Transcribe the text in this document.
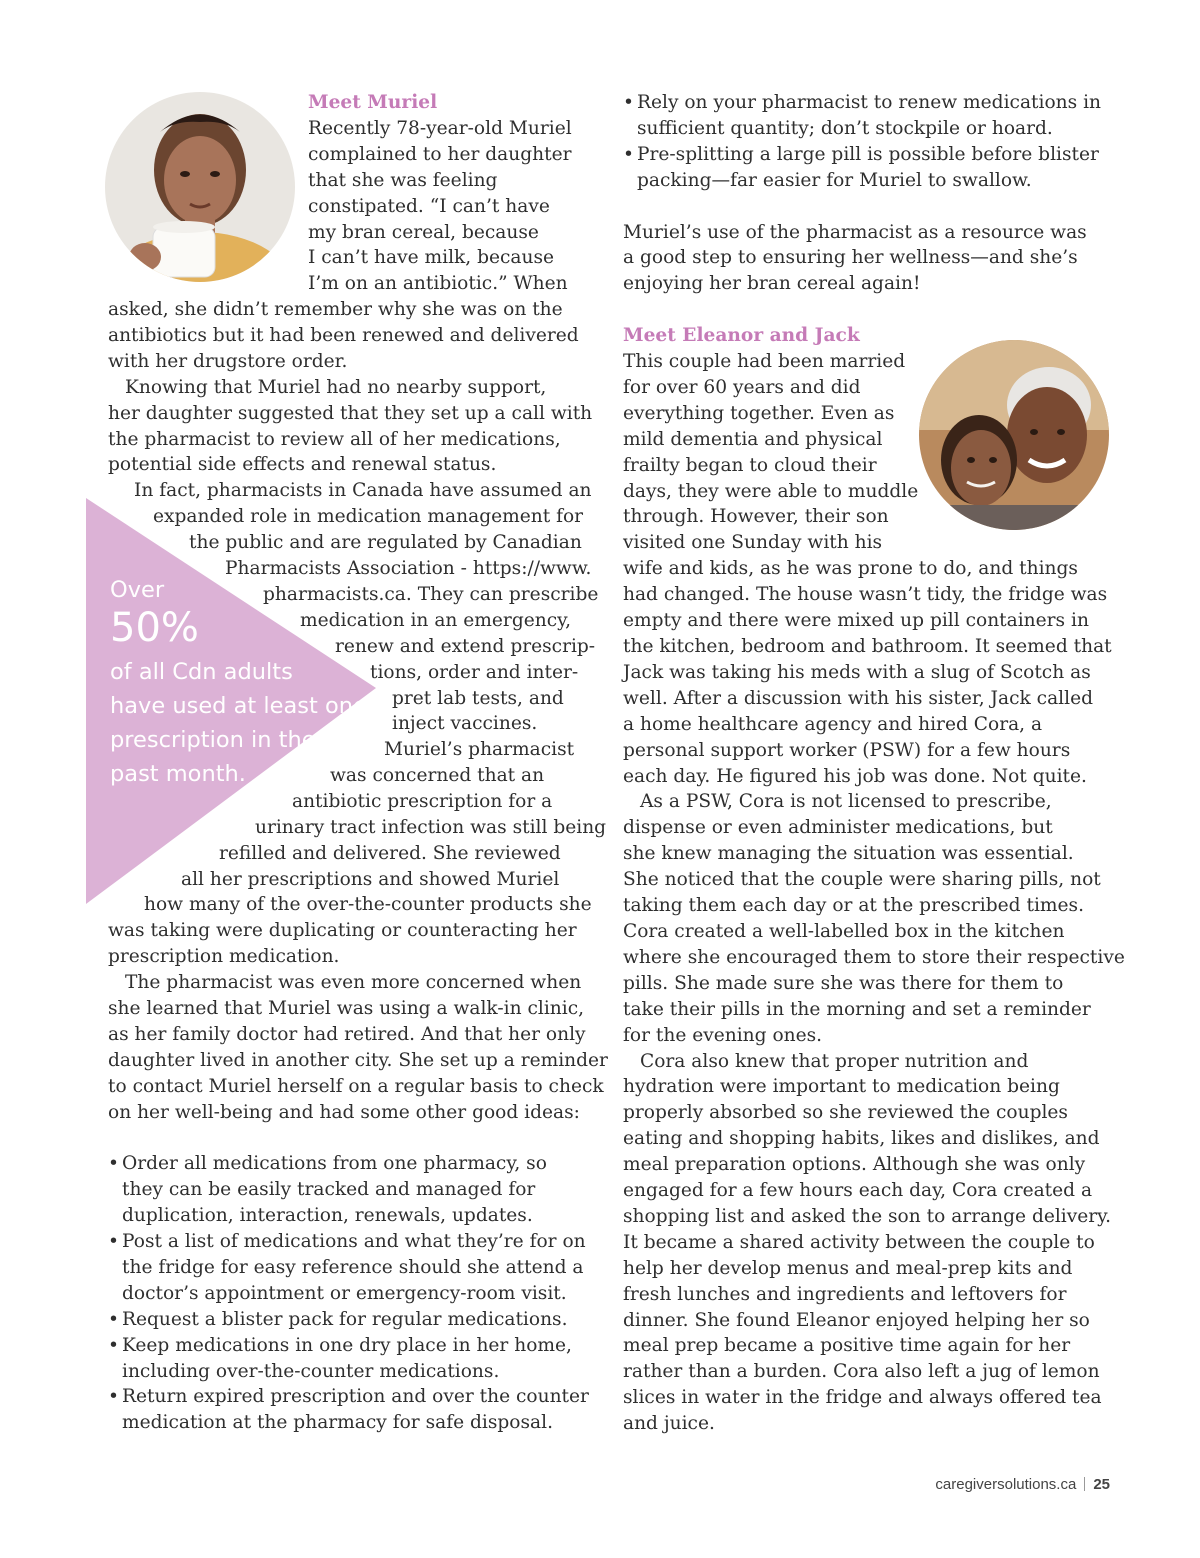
Meet Muriel
Recently 78-year-old Muriel
complained to her daughter
that she was feeling
constipated. “I can’t have
my bran cereal, because
I can’t have milk, because
I’m on an antibiotic.” When
asked, she didn’t remember why she was on the
antibiotics but it had been renewed and delivered
with her drugstore order.
Knowing that Muriel had no nearby support,
her daughter suggested that they set up a call with
the pharmacist to review all of her medications,
potential side effects and renewal status.
Over
50%
of all Cdn adults
have used at least one
prescription in the
past month.
In fact, pharmacists in Canada have assumed an
expanded role in medication management for
the public and are regulated by Canadian
Pharmacists Association - https://www.
pharmacists.ca. They can prescribe
medication in an emergency,
renew and extend prescrip-
tions, order and inter-
pret lab tests, and
inject vaccines.
Muriel’s pharmacist
was concerned that an
antibiotic prescription for a
urinary tract infection was still being
refilled and delivered. She reviewed
all her prescriptions and showed Muriel
how many of the over-the-counter products she
was taking were duplicating or counteracting her
prescription medication.
The pharmacist was even more concerned when
she learned that Muriel was using a walk-in clinic,
as her family doctor had retired. And that her only
daughter lived in another city. She set up a reminder
to contact Muriel herself on a regular basis to check
on her well-being and had some other good ideas:
• Order all medications from one pharmacy, so
they can be easily tracked and managed for
duplication, interaction, renewals, updates.
• Post a list of medications and what they’re for on
the fridge for easy reference should she attend a
doctor’s appointment or emergency-room visit.
• Request a blister pack for regular medications.
• Keep medications in one dry place in her home,
including over-the-counter medications.
• Return expired prescription and over the counter
medication at the pharmacy for safe disposal.
• Rely on your pharmacist to renew medications in
sufficient quantity; don’t stockpile or hoard.
• Pre-splitting a large pill is possible before blister
packing—far easier for Muriel to swallow.
Muriel’s use of the pharmacist as a resource was
a good step to ensuring her wellness—and she’s
enjoying her bran cereal again!
Meet Eleanor and Jack
This couple had been married
for over 60 years and did
everything together. Even as
mild dementia and physical
frailty began to cloud their
days, they were able to muddle
through. However, their son
visited one Sunday with his
wife and kids, as he was prone to do, and things
had changed. The house wasn’t tidy, the fridge was
empty and there were mixed up pill containers in
the kitchen, bedroom and bathroom. It seemed that
Jack was taking his meds with a slug of Scotch as
well. After a discussion with his sister, Jack called
a home healthcare agency and hired Cora, a
personal support worker (PSW) for a few hours
each day. He figured his job was done. Not quite.
As a PSW, Cora is not licensed to prescribe,
dispense or even administer medications, but
she knew managing the situation was essential.
She noticed that the couple were sharing pills, not
taking them each day or at the prescribed times.
Cora created a well-labelled box in the kitchen
where she encouraged them to store their respective
pills. She made sure she was there for them to
take their pills in the morning and set a reminder
for the evening ones.
Cora also knew that proper nutrition and
hydration were important to medication being
properly absorbed so she reviewed the couples
eating and shopping habits, likes and dislikes, and
meal preparation options. Although she was only
engaged for a few hours each day, Cora created a
shopping list and asked the son to arrange delivery.
It became a shared activity between the couple to
help her develop menus and meal-prep kits and
fresh lunches and ingredients and leftovers for
dinner. She found Eleanor enjoyed helping her so
meal prep became a positive time again for her
rather than a burden. Cora also left a jug of lemon
slices in water in the fridge and always offered tea
and juice.
caregiversolutions.ca 25
